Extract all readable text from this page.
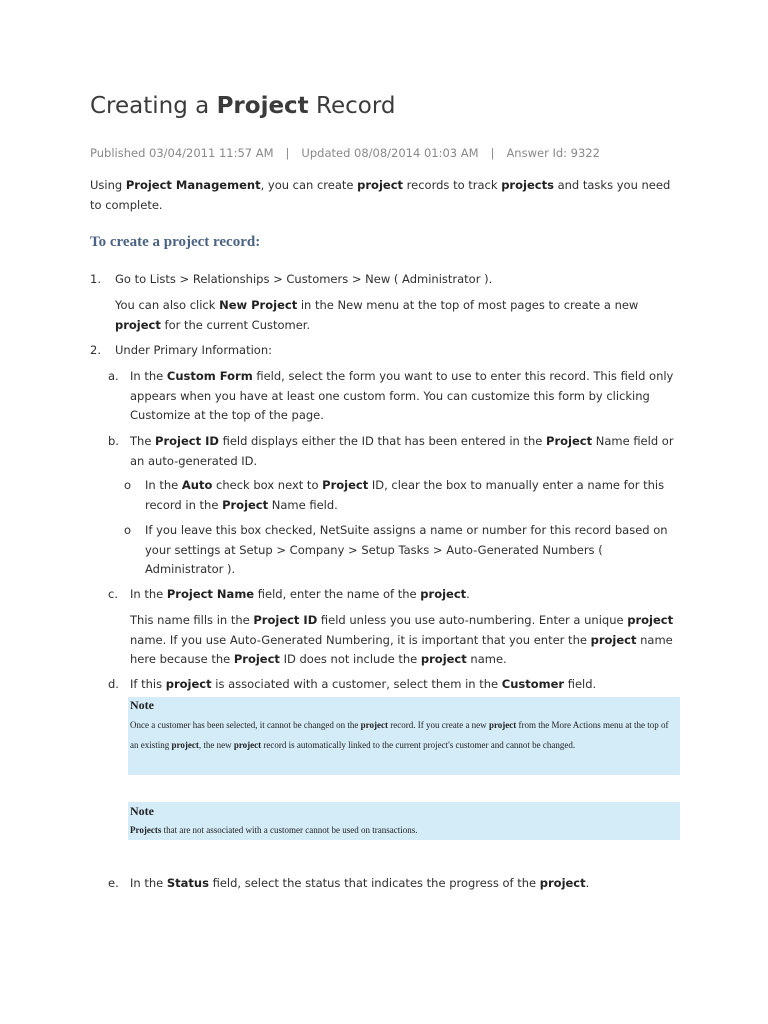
Creating a Project Record
Published 03/04/2011 11:57 AM | Updated 08/08/2014 01:03 AM | Answer Id: 9322
Using Project Management, you can create project records to track projects and tasks you need to complete.
To create a project record:
1. Go to Lists > Relationships > Customers > New ( Administrator ).
You can also click New Project in the New menu at the top of most pages to create a new project for the current Customer.
2. Under Primary Information:
a. In the Custom Form field, select the form you want to use to enter this record. This field only appears when you have at least one custom form. You can customize this form by clicking Customize at the top of the page.
b. The Project ID field displays either the ID that has been entered in the Project Name field or an auto-generated ID.
o In the Auto check box next to Project ID, clear the box to manually enter a name for this record in the Project Name field.
o If you leave this box checked, NetSuite assigns a name or number for this record based on your settings at Setup > Company > Setup Tasks > Auto-Generated Numbers ( Administrator ).
c. In the Project Name field, enter the name of the project.
This name fills in the Project ID field unless you use auto-numbering. Enter a unique project name. If you use Auto-Generated Numbering, it is important that you enter the project name here because the Project ID does not include the project name.
d. If this project is associated with a customer, select them in the Customer field.
Note
Once a customer has been selected, it cannot be changed on the project record. If you create a new project from the More Actions menu at the top of an existing project, the new project record is automatically linked to the current project's customer and cannot be changed.
Note
Projects that are not associated with a customer cannot be used on transactions.
e. In the Status field, select the status that indicates the progress of the project.
